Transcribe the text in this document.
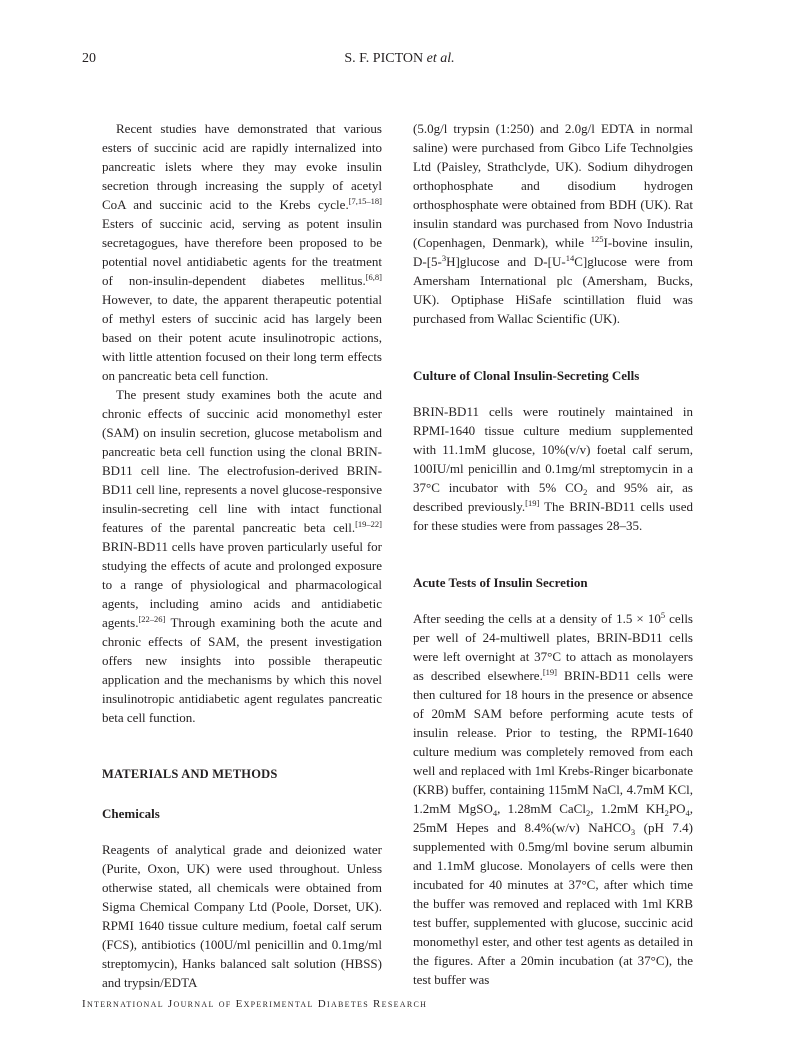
20	S. F. PICTON et al.

Recent studies have demonstrated that various esters of succinic acid are rapidly internalized into pancreatic islets where they may evoke insulin secretion through increasing the supply of acetyl CoA and succinic acid to the Krebs cycle.[7,15–18] Esters of succinic acid, serving as potent insulin secretagogues, have therefore been proposed to be potential novel antidiabetic agents for the treatment of non-insulin-dependent diabetes mellitus.[6,8] However, to date, the apparent therapeutic potential of methyl esters of succinic acid has largely been based on their potent acute insulinotropic actions, with little attention focused on their long term effects on pancreatic beta cell function.

The present study examines both the acute and chronic effects of succinic acid monomethyl ester (SAM) on insulin secretion, glucose metabolism and pancreatic beta cell function using the clonal BRIN-BD11 cell line. The electrofusion-derived BRIN-BD11 cell line, represents a novel glucose-responsive insulin-secreting cell line with intact functional features of the parental pancreatic beta cell.[19–22] BRIN-BD11 cells have proven particularly useful for studying the effects of acute and prolonged exposure to a range of physiological and pharmacological agents, including amino acids and antidiabetic agents.[22–26] Through examining both the acute and chronic effects of SAM, the present investigation offers new insights into possible therapeutic application and the mechanisms by which this novel insulinotropic antidiabetic agent regulates pancreatic beta cell function.

MATERIALS AND METHODS
Chemicals

Reagents of analytical grade and deionized water (Purite, Oxon, UK) were used throughout. Unless otherwise stated, all chemicals were obtained from Sigma Chemical Company Ltd (Poole, Dorset, UK). RPMI 1640 tissue culture medium, foetal calf serum (FCS), antibiotics (100U/ml penicillin and 0.1mg/ml streptomycin), Hanks balanced salt solution (HBSS) and trypsin/EDTA

(5.0g/l trypsin (1:250) and 2.0g/l EDTA in normal saline) were purchased from Gibco Life Technolgies Ltd (Paisley, Strathclyde, UK). Sodium dihydrogen orthophosphate and disodium hydrogen orthosphosphate were obtained from BDH (UK). Rat insulin standard was purchased from Novo Industria (Copenhagen, Denmark), while $^{125}$I-bovine insulin, D-[5-$^3$H]glucose and D-[U-$^{14}$C]glucose were from Amersham International plc (Amersham, Bucks, UK). Optiphase HiSafe scintillation fluid was purchased from Wallac Scientific (UK).

Culture of Clonal Insulin-Secreting Cells

BRIN-BD11 cells were routinely maintained in RPMI-1640 tissue culture medium supplemented with 11.1mM glucose, 10%(v/v) foetal calf serum, 100IU/ml penicillin and 0.1mg/ml streptomycin in a 37°C incubator with 5% $CO_2$ and 95% air, as described previously.[19] The BRIN-BD11 cells used for these studies were from passages 28–35.

Acute Tests of Insulin Secretion

After seeding the cells at a density of $1.5 \times 10^5$ cells per well of 24-multiwell plates, BRIN-BD11 cells were left overnight at 37°C to attach as monolayers as described elsewhere.[19] BRIN-BD11 cells were then cultured for 18 hours in the presence or absence of 20mM SAM before performing acute tests of insulin release. Prior to testing, the RPMI-1640 culture medium was completely removed from each well and replaced with 1ml Krebs-Ringer bicarbonate (KRB) buffer, containing 115mM NaCl, 4.7mM KCl, 1.2mM MgSO$_4$, 1.28mM CaCl$_2$, 1.2mM $KH_2PO_4$, 25mM Hepes and 8.4%(w/v) NaHCO$_3$ (pH 7.4) supplemented with 0.5mg/ml bovine serum albumin and 1.1mM glucose. Monolayers of cells were then incubated for 40 minutes at 37°C, after which time the buffer was removed and replaced with 1ml KRB test buffer, supplemented with glucose, succinic acid monomethyl ester, and other test agents as detailed in the figures. After a 20min incubation (at 37°C), the test buffer was

International Journal of Experimental Diabetes Research
